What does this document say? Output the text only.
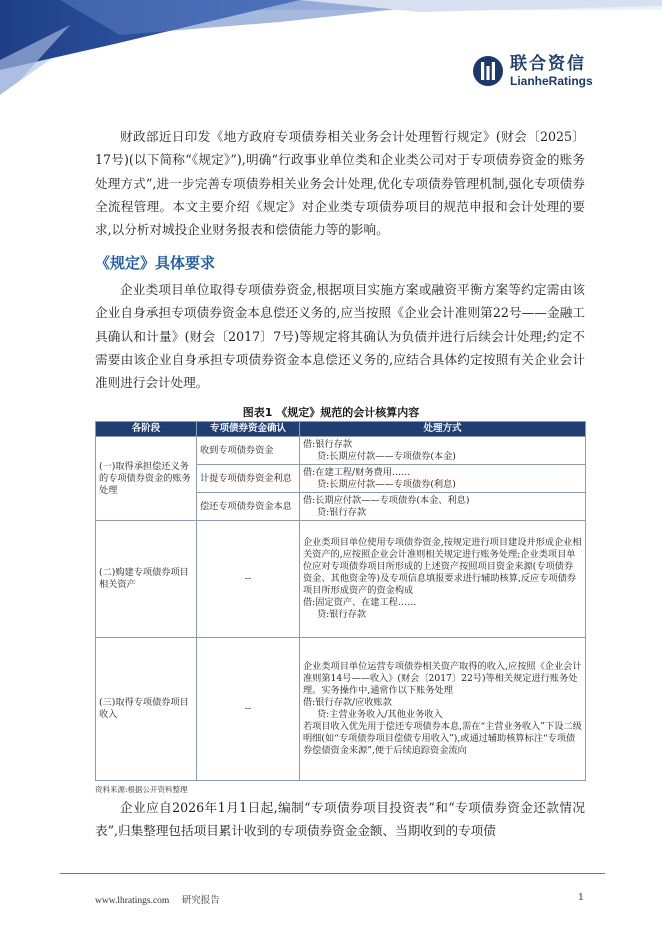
联合资信
LianheRatings

财政部近日印发《地方政府专项债券相关业务会计处理暂行规定》(财会〔2025〕17号)(以下简称“《规定》”),明确“行政事业单位类和企业类公司对于专项债券资金的账务处理方式”,进一步完善专项债券相关业务会计处理,优化专项债券管理机制,强化专项债券全流程管理。本文主要介绍《规定》对企业类专项债券项目的规范申报和会计处理的要求,以分析对城投企业财务报表和偿债能力等的影响。

《规定》具体要求

企业类项目单位取得专项债券资金,根据项目实施方案或融资平衡方案等约定需由该企业自身承担专项债券资金本息偿还义务的,应当按照《企业会计准则第22号——金融工具确认和计量》(财会〔2017〕7号)等规定将其确认为负债并进行后续会计处理;约定不需要由该企业自身承担专项债券资金本息偿还义务的,应结合具体约定按照有关企业会计准则进行会计处理。

图表1 《规定》规范的会计核算内容
各阶段	专项债券资金确认	处理方式
(一)取得承担偿还义务的专项债券资金的账务处理	收到专项债券资金	借:银行存款
贷:长期应付款——专项债券(本金)

	计提专项债券资金利息	借:在建工程/财务费用……
贷:长期应付款——专项债券(利息)

	偿还专项债券资金本息	借:长期应付款——专项债券(本金、利息)
贷:银行存款

(二)购建专项债券项目相关资产	--	企业类项目单位使用专项债券资金,按规定进行项目建设并形成企业相关资产的,应按照企业会计准则相关规定进行账务处理;企业类项目单位应对专项债券项目所形成的上述资产按照项目资金来源(专项债券资金、其他资金等)及专项信息填报要求进行辅助核算,反应专项债券项目所形成资产的资金构成
借:固定资产、在建工程……
贷:银行存款

(三)取得专项债券项目收入	--	企业类项目单位运营专项债券相关资产取得的收入,应按照《企业会计准则第14号——收入》(财会〔2017〕22号)等相关规定进行账务处理。实务操作中,通常作以下账务处理
借:银行存款/应收账款
贷:主营业务收入/其他业务收入
若项目收入优先用于偿还专项债券本息,需在“主营业务收入”下设二级明细(如“专项债券项目偿债专用收入”),或通过辅助核算标注“专项债券偿债资金来源”,便于后续追踪资金流向
资料来源:根据公开资料整理

企业应自2026年1月1日起,编制“专项债券项目投资表”和“专项债券资金还款情况表”,归集整理包括项目累计收到的专项债券资金金额、当期收到的专项债

www.lhratings.com 研究报告	1
